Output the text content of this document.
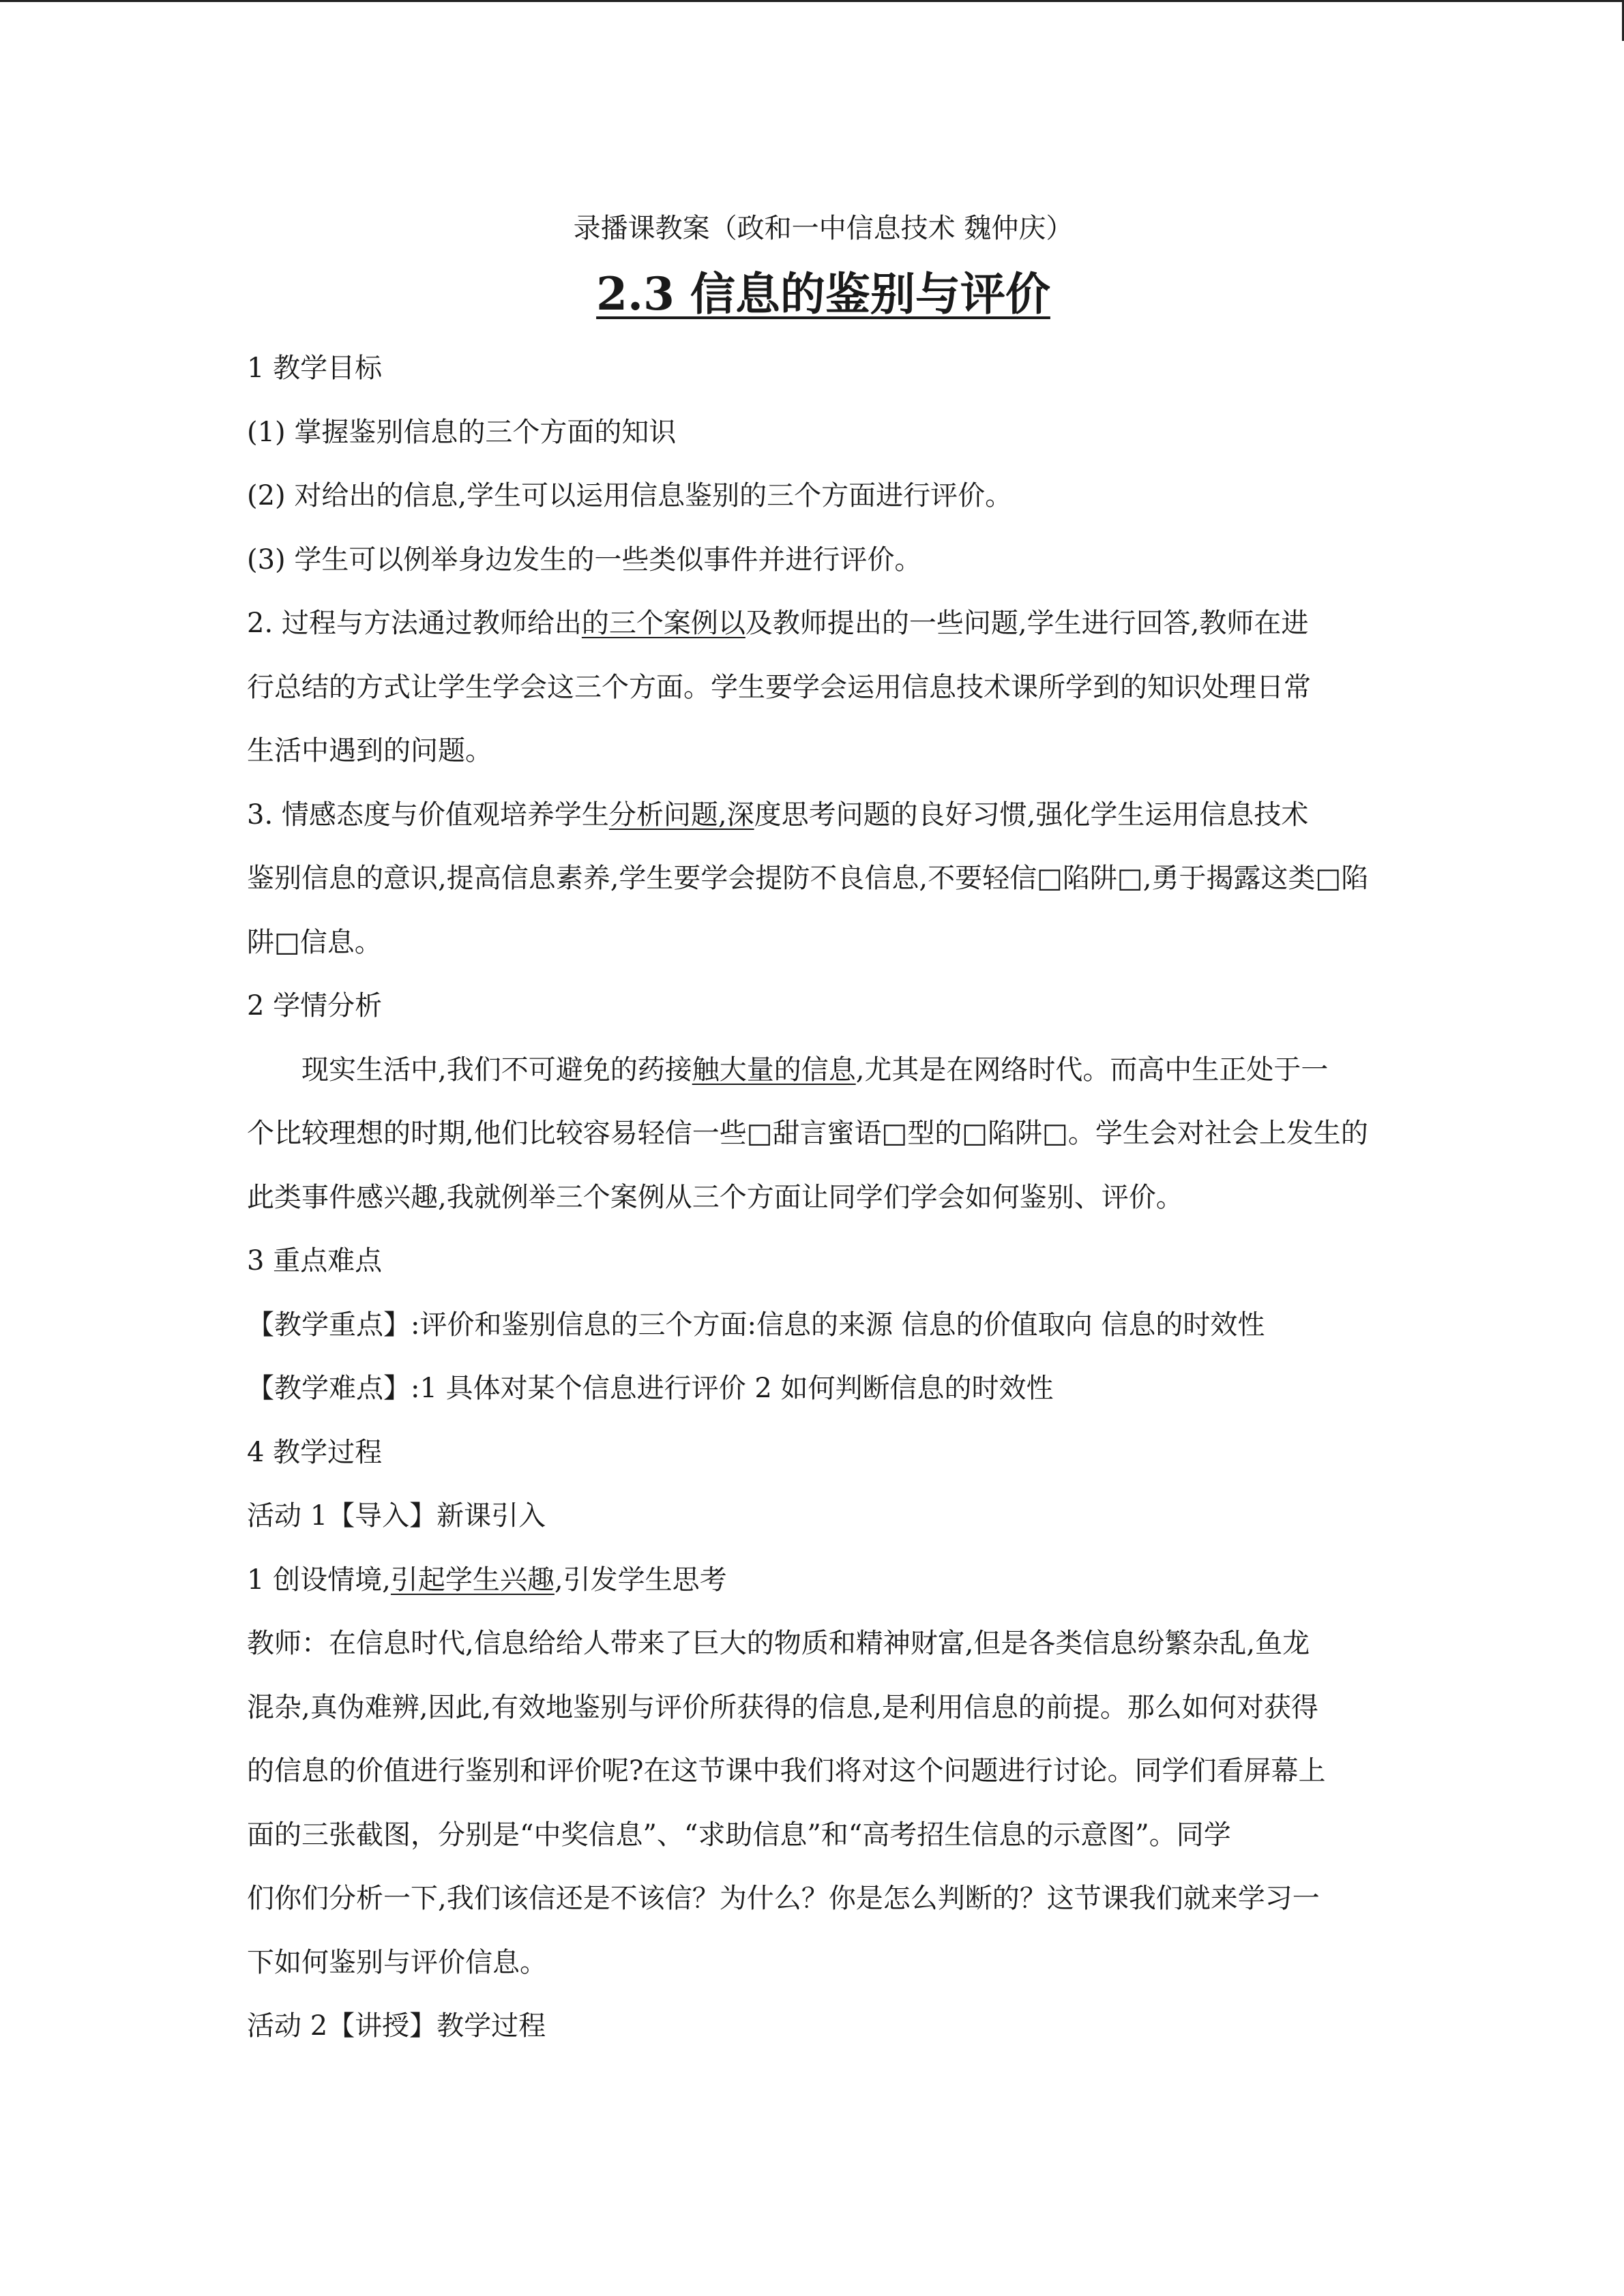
录播课教案（政和一中信息技术 魏仲庆）

2.3 信息的鉴别与评价

1 教学目标

(1) 掌握鉴别信息的三个方面的知识

(2) 对给出的信息,学生可以运用信息鉴别的三个方面进行评价。

(3) 学生可以例举身边发生的一些类似事件并进行评价。

2. 过程与方法通过教师给出的三个案例以及教师提出的一些问题,学生进行回答,教师在进

行总结的方式让学生学会这三个方面。学生要学会运用信息技术课所学到的知识处理日常

生活中遇到的问题。

3. 情感态度与价值观培养学生分析问题,深度思考问题的良好习惯,强化学生运用信息技术

鉴别信息的意识,提高信息素养,学生要学会提防不良信息,不要轻信□陷阱□,勇于揭露这类□陷

阱□信息。

2 学情分析

现实生活中,我们不可避免的药接触大量的信息,尤其是在网络时代。而高中生正处于一

个比较理想的时期,他们比较容易轻信一些□甜言蜜语□型的□陷阱□。学生会对社会上发生的

此类事件感兴趣,我就例举三个案例从三个方面让同学们学会如何鉴别、评价。

3 重点难点

【教学重点】:评价和鉴别信息的三个方面:信息的来源 信息的价值取向 信息的时效性

【教学难点】:1 具体对某个信息进行评价 2 如何判断信息的时效性

4 教学过程

活动 1【导入】新课引入

1 创设情境,引起学生兴趣,引发学生思考

教师：在信息时代,信息给给人带来了巨大的物质和精神财富,但是各类信息纷繁杂乱,鱼龙

混杂,真伪难辨,因此,有效地鉴别与评价所获得的信息,是利用信息的前提。那么如何对获得

的信息的价值进行鉴别和评价呢?在这节课中我们将对这个问题进行讨论。同学们看屏幕上

面的三张截图，分别是“中奖信息”、“求助信息”和“高考招生信息的示意图”。同学

们你们分析一下,我们该信还是不该信？为什么？你是怎么判断的？这节课我们就来学习一

下如何鉴别与评价信息。

活动 2【讲授】教学过程
